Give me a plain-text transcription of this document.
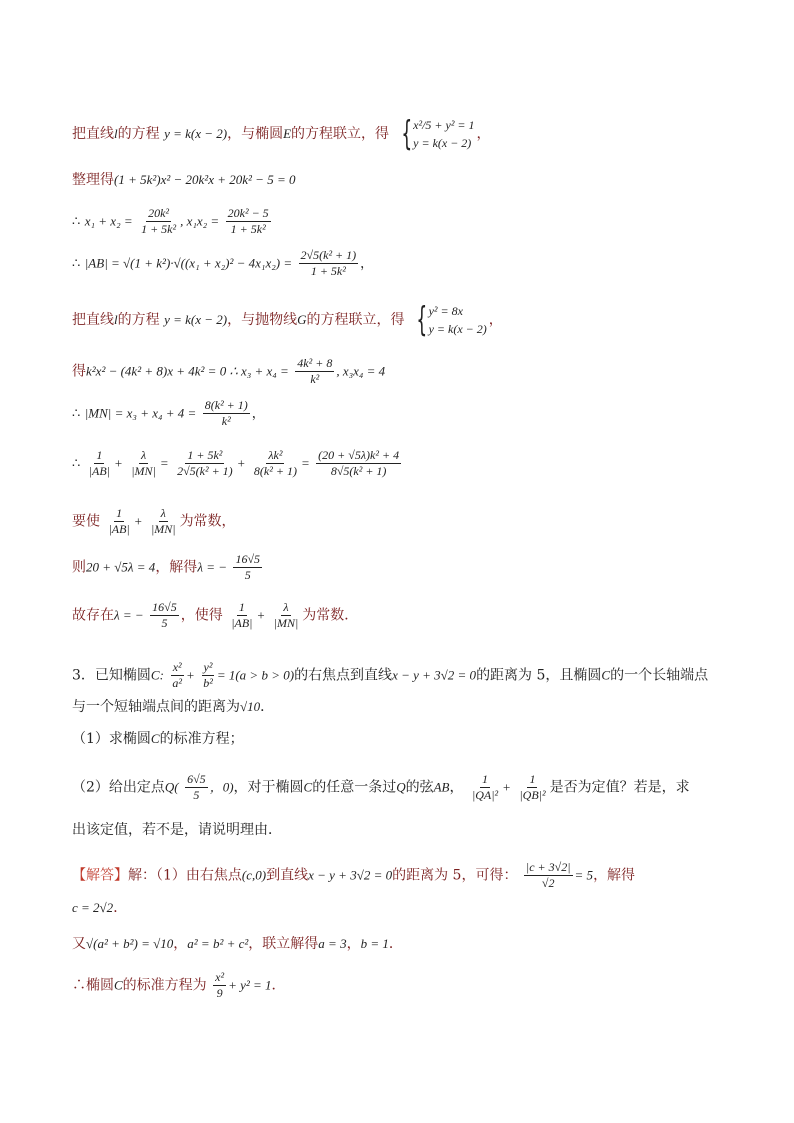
把直线l的方程 y = k(x − 2)，与椭圆E的方程联立，得 { x²/5 + y² = 1
y = k(x − 2)
，
整理得(1 + 5k²)x² − 20k²x + 20k² − 5 = 0
∴ $x_1 + x_2 = \frac{\text{20k²}}{\text{1 + 5k²}}$ , $x_1x_2 = \frac{\text{20k² − 5}}{\text{1 + 5k²}}$
∴ $|AB| = √(1 + k^2)\cdot√((x_1 + x_2)^2 - 4x_1x_2) = \frac{\text{2√5(k² + 1)}}{\text{1 + 5k²}}$ ，
把直线l的方程 y = k(x − 2)，与抛物线G的方程联立，得 { y² = 8x
y = k(x − 2)
，
得k²x² − (4k² + 8)x + 4k² = 0 ∴ $x_3 + x_4 = \frac{\text{4k² + 8}}{\text{k²}}$ , x₃x₄ = 4
∴ $|MN| = x_3 + x_4 + 4 = \frac{\text{8(k² + 1)}}{\text{k²}}$ ，
∴ $\frac{1}{|AB|} + \frac{\lambda}{|MN|} = \frac{\text{1 + 5k²}}{\text{2√5(k² + 1)}} + \frac{\text{λk²}}{\text{8(k² + 1)}} = \frac{\text{(20 + √5λ)k² + 4}}{\text{8√5(k² + 1)}}$
要使 $\frac{1}{|AB|} + \frac{\lambda}{|MN|}$ 为常数，
则20 + √5λ = 4，解得λ = − $\frac{16√5}{5}$
故存在λ = − $\frac{16√5}{5}$ ，使得 $\frac{1}{|AB|} + \frac{\lambda}{|MN|}$ 为常数．
3．已知椭圆C: $\frac{\text{x²}}{\text{a²}} + \frac{\text{y²}}{\text{b²}} = 1(a > b > 0)$的右焦点到直线x − y + 3√2 = 0的距离为 5，且椭圆C的一个长轴端点
与一个短轴端点间的距离为√10．
（1）求椭圆C的标准方程；
（2）给出定点$Q( \frac{6√5}{5}$ ，0)，对于椭圆C的任意一条过Q的弦AB， $\frac{1}{\text{|QA|²}} + \frac{1}{\text{|QB|²}}$ 是否为定值？若是，求
出该定值，若不是，请说明理由．
【解答】解：（1）由右焦点(c,0)到直线x − y + 3√2 = 0的距离为 5，可得： $\frac{|c + 3√2|}{√2} = 5$，解得
c = 2√2．
又√(a² + b²) = √10，a² = b² + c²，联立解得a = 3，b = 1．
∴椭圆C的标准方程为 $\frac{\text{x²}}{9} + y^2 = 1$．
